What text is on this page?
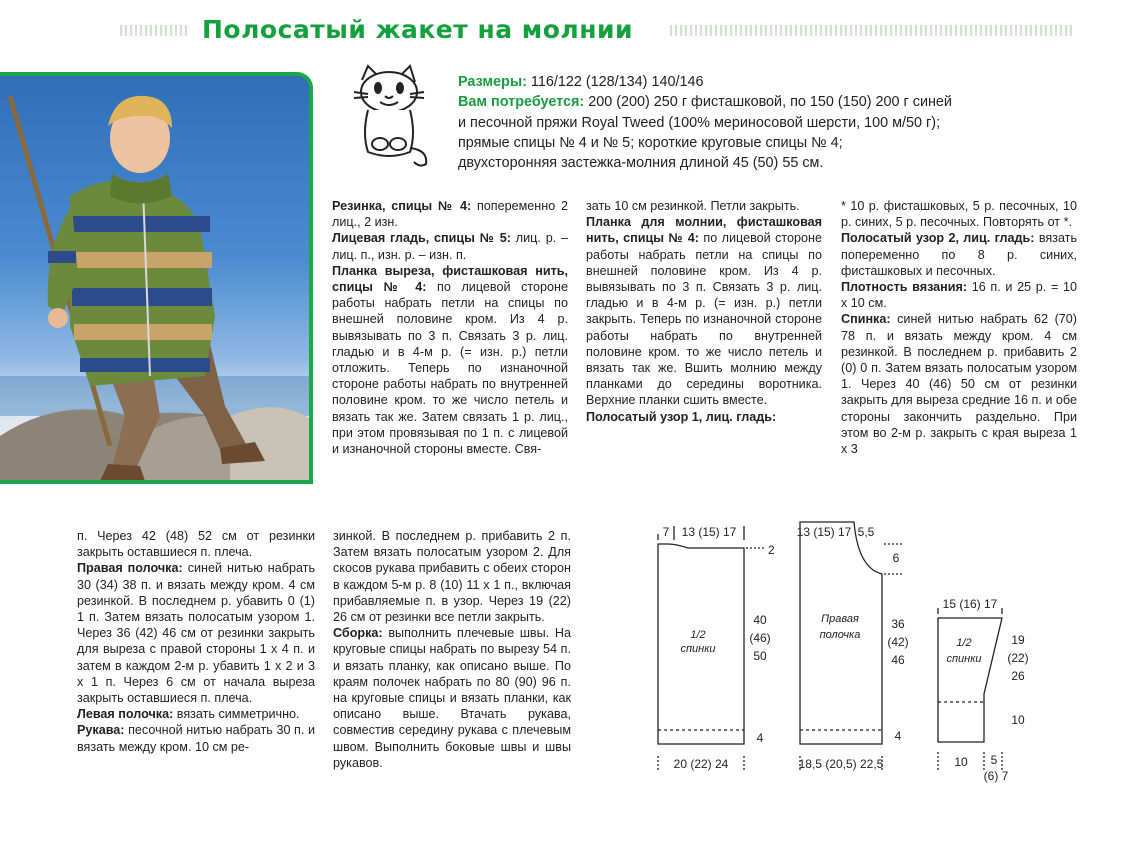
Полосатый жакет на молнии
Размеры: 116/122 (128/134) 140/146
Вам потребуется: 200 (200) 250 г фисташковой, по 150 (150) 200 г синей
и песочной пряжи Royal Tweed (100% мериносовой шерсти, 100 м/50 г);
прямые спицы № 4 и № 5; короткие круговые спицы № 4;
двухсторонняя застежка-молния длиной 45 (50) 55 см.

Резинка, спицы № 4: попеременно 2 лиц., 2 изн.

Лицевая гладь, спицы № 5: лиц. р. – лиц. п., изн. р. – изн. п.

Планка выреза, фисташковая нить, спицы № 4: по лицевой стороне работы набрать петли на спицы по внешней половине кром. Из 4 р. вывязывать по 3 п. Связать 3 р. лиц. гладью и в 4-м р. (= изн. р.) петли отложить. Теперь по изнаночной стороне работы набрать по внутренней половине кром. то же число петель и вязать так же. Затем связать 1 р. лиц., при этом провязывая по 1 п. с лицевой и изнаночной стороны вместе. Свя-

зать 10 см резинкой. Петли закрыть.

Планка для молнии, фисташковая нить, спицы № 4: по лицевой стороне работы набрать петли на спицы по внешней половине кром. Из 4 р. вывязывать по 3 п. Связать 3 р. лиц. гладью и в 4-м р. (= изн. р.) петли закрыть. Теперь по изнаночной стороне работы набрать по внутренней половине кром. то же число петель и вязать так же. Вшить молнию между планками до середины воротника. Верхние планки сшить вместе.

Полосатый узор 1, лиц. гладь:

* 10 р. фисташковых, 5 р. песочных, 10 р. синих, 5 р. песочных. Повторять от *.

Полосатый узор 2, лиц. гладь: вязать попеременно по 8 р. синих, фисташковых и песочных.

Плотность вязания: 16 п. и 25 р. = 10 х 10 см.

Спинка: синей нитью набрать 62 (70) 78 п. и вязать между кром. 4 см резинкой. В последнем р. прибавить 2 (0) 0 п. Затем вязать полосатым узором 1. Через 40 (46) 50 см от резинки закрыть для выреза средние 16 п. и обе стороны закончить раздельно. При этом во 2-м р. закрыть с края выреза 1 х 3

п. Через 42 (48) 52 см от резинки закрыть оставшиеся п. плеча.

Правая полочка: синей нитью набрать 30 (34) 38 п. и вязать между кром. 4 см резинкой. В последнем р. убавить 0 (1) 1 п. Затем вязать полосатым узором 1. Через 36 (42) 46 см от резинки закрыть для выреза с правой стороны 1 х 4 п. и затем в каждом 2-м р. убавить 1 х 2 и 3 х 1 п. Через 6 см от начала выреза закрыть оставшиеся п. плеча.

Левая полочка: вязать симметрично.

Рукава: песочной нитью набрать 30 п. и вязать между кром. 10 см ре-

зинкой. В последнем р. прибавить 2 п. Затем вязать полосатым узором 2. Для скосов рукава прибавить с обеих сторон в каждом 5-м р. 8 (10) 11 х 1 п., включая прибавляемые п. в узор. Через 19 (22) 26 см от резинки все петли закрыть.

Сборка: выполнить плечевые швы. На круговые спицы набрать по вырезу 54 п. и вязать планку, как описано выше. По краям полочек набрать по 80 (90) 96 п. на круговые спицы и вязать планки, как описано выше. Втачать рукава, совместив середину рукава с плечевым швом. Выполнить боковые швы и швы рукавов.

1/2
спинки
7 13 (15) 17
2
40
(46)
50
4
20 (22) 24
Правая
полочка
13 (15) 17 5,5
6
36
(42)
46
4
18,5 (20,5) 22,5
1/2
спинки
15 (16) 17
19
(22)
26
10
10 5
(6) 7
